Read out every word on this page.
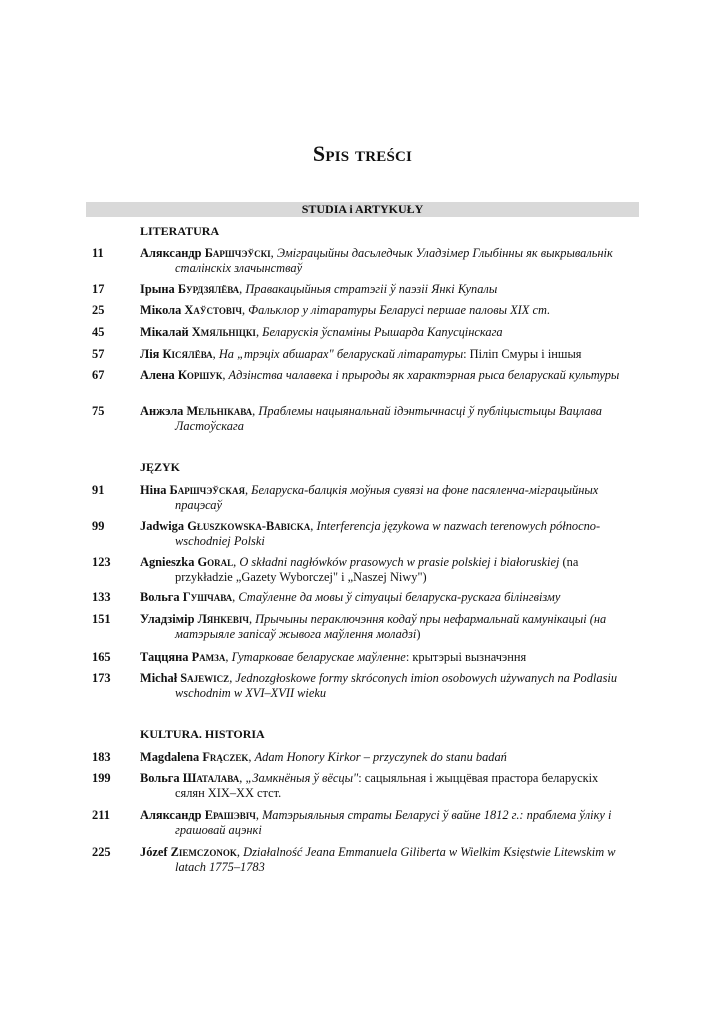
Spis treści
STUDIA i ARTYKUŁY
LITERATURA
11	Аляксандр Баршчэўскі, Эміграцыйны дасьледчык Уладзімер Глыбінны як выкрывальнік сталінскіх злачынстваў
17	Ірына Бурдзялёва, Правакацыйныя стратэгіі ў паэзіі Янкі Купалы
25	Мікола Хаўстовіч, Фальклор у літаратуры Беларусі першае паловы XIX ст.
45	Мікалай Хмяльніцкі, Беларускія ўспаміны Рышарда Капусцінскага
57	Лія Кісялёва, На „трэціх абшарах" беларускай літаратуры: Піліп Смуры і іншыя
67	Алена Коршук, Адзінства чалавека і прыроды як характэрная рыса беларускай культуры
75	Анжэла Мельнікава, Праблемы нацыянальнай ідэнтычнасці ў публіцыстыцы Вацлава Ластоўскага
JĘZYK
91	Ніна Баршчэўская, Беларуска-балцкія моўныя сувязі на фоне пасяленча-міграцыйных працэсаў
99	Jadwiga Głuszkowska-Babicka, Interferencja językowa w nazwach terenowych północno-wschodniej Polski
123 Agnieszka Goral, O składni nagłówków prasowych w prasie polskiej i białoruskiej (na przykładzie „Gazety Wyborczej" i „Naszej Niwy")
133 Вольга Гушчава, Стаўленне да мовы ў сітуацыі беларуска-рускага білінгвізму
151 Уладзімір Лянкевіч, Прычыны пераключэння кодаў пры нефармальнай камунікацыі (на матэрыяле запісаў жывога маўлення моладзі)
165 Таццяна Рамза, Гутарковае беларускае маўленне: крытэрыі вызначэння
173 Michał Sajewicz, Jednozgłoskowe formy skróconych imion osobowych używanych na Podlasiu wschodnim w XVI–XVII wieku
KULTURA. HISTORIA
183 Magdalena Frączek, Adam Honory Kirkor – przyczynek do stanu badań
199 Вольга Шаталава, „Замкнёныя ў вёсцы": сацыяльная і жыццёвая прастора беларускіх сялян XIX–XX стст.
211 Аляксандр Ерашэвіч, Матэрыяльныя страты Беларусі ў вайне 1812 г.: праблема ўліку і грашовай ацэнкі
225 Józef Ziemczonok, Działalność Jeana Emmanuela Giliberta w Wielkim Księstwie Litewskim w latach 1775–1783
